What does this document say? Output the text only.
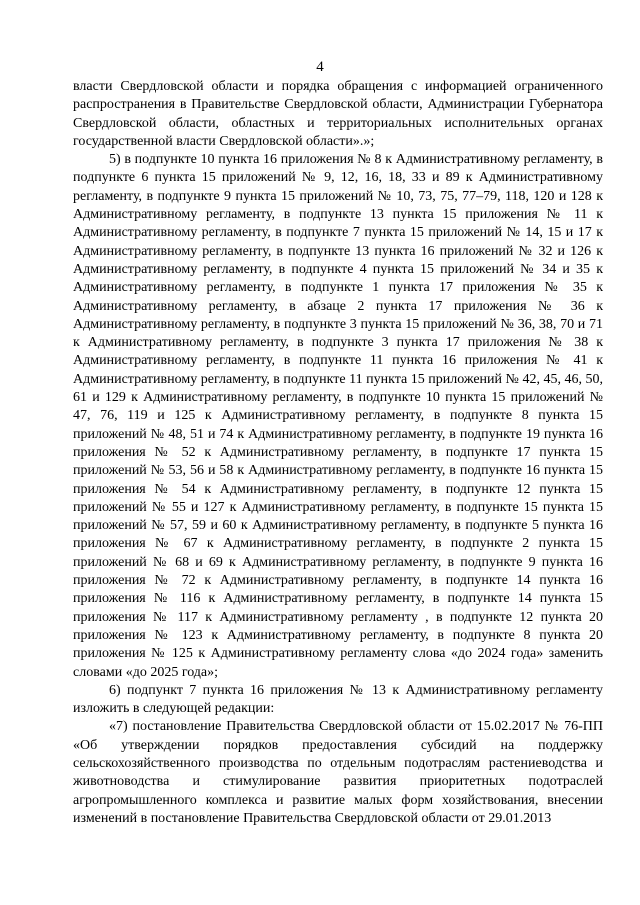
4

власти Свердловской области и порядка обращения с информацией ограниченного распространения в Правительстве Свердловской области, Администрации Губернатора Свердловской области, областных и территориальных исполнительных органах государственной власти Свердловской области».»;

5) в подпункте 10 пункта 16 приложения № 8 к Административному регламенту, в подпункте 6 пункта 15 приложений № 9, 12, 16, 18, 33 и 89 к Административному регламенту, в подпункте 9 пункта 15 приложений № 10, 73, 75, 77–79, 118, 120 и 128 к Административному регламенту, в подпункте 13 пункта 15 приложения № 11 к Административному регламенту, в подпункте 7 пункта 15 приложений № 14, 15 и 17 к Административному регламенту, в подпункте 13 пункта 16 приложений № 32 и 126 к Административному регламенту, в подпункте 4 пункта 15 приложений № 34 и 35 к Административному регламенту, в подпункте 1 пункта 17 приложения № 35 к Административному регламенту, в абзаце 2 пункта 17 приложения № 36 к Административному регламенту, в подпункте 3 пункта 15 приложений № 36, 38, 70 и 71 к Административному регламенту, в подпункте 3 пункта 17 приложения № 38 к Административному регламенту, в подпункте 11 пункта 16 приложения № 41 к Административному регламенту, в подпункте 11 пункта 15 приложений № 42, 45, 46, 50, 61 и 129 к Административному регламенту, в подпункте 10 пункта 15 приложений № 47, 76, 119 и 125 к Административному регламенту, в подпункте 8 пункта 15 приложений № 48, 51 и 74 к Административному регламенту, в подпункте 19 пункта 16 приложения № 52 к Административному регламенту, в подпункте 17 пункта 15 приложений № 53, 56 и 58 к Административному регламенту, в подпункте 16 пункта 15 приложения № 54 к Административному регламенту, в подпункте 12 пункта 15 приложений № 55 и 127 к Административному регламенту, в подпункте 15 пункта 15 приложений № 57, 59 и 60 к Административному регламенту, в подпункте 5 пункта 16 приложения № 67 к Административному регламенту, в подпункте 2 пункта 15 приложений № 68 и 69 к Административному регламенту, в подпункте 9 пункта 16 приложения № 72 к Административному регламенту, в подпункте 14 пункта 16 приложения № 116 к Административному регламенту, в подпункте 14 пункта 15 приложения № 117 к Административному регламенту , в подпункте 12 пункта 20 приложения № 123 к Административному регламенту, в подпункте 8 пункта 20 приложения № 125 к Административному регламенту слова «до 2024 года» заменить словами «до 2025 года»;

6) подпункт 7 пункта 16 приложения № 13 к Административному регламенту изложить в следующей редакции:

«7) постановление Правительства Свердловской области от 15.02.2017 № 76-ПП «Об утверждении порядков предоставления субсидий на поддержку сельскохозяйственного производства по отдельным подотраслям растениеводства и животноводства и стимулирование развития приоритетных подотраслей агропромышленного комплекса и развитие малых форм хозяйствования, внесении изменений в постановление Правительства Свердловской области от 29.01.2013
